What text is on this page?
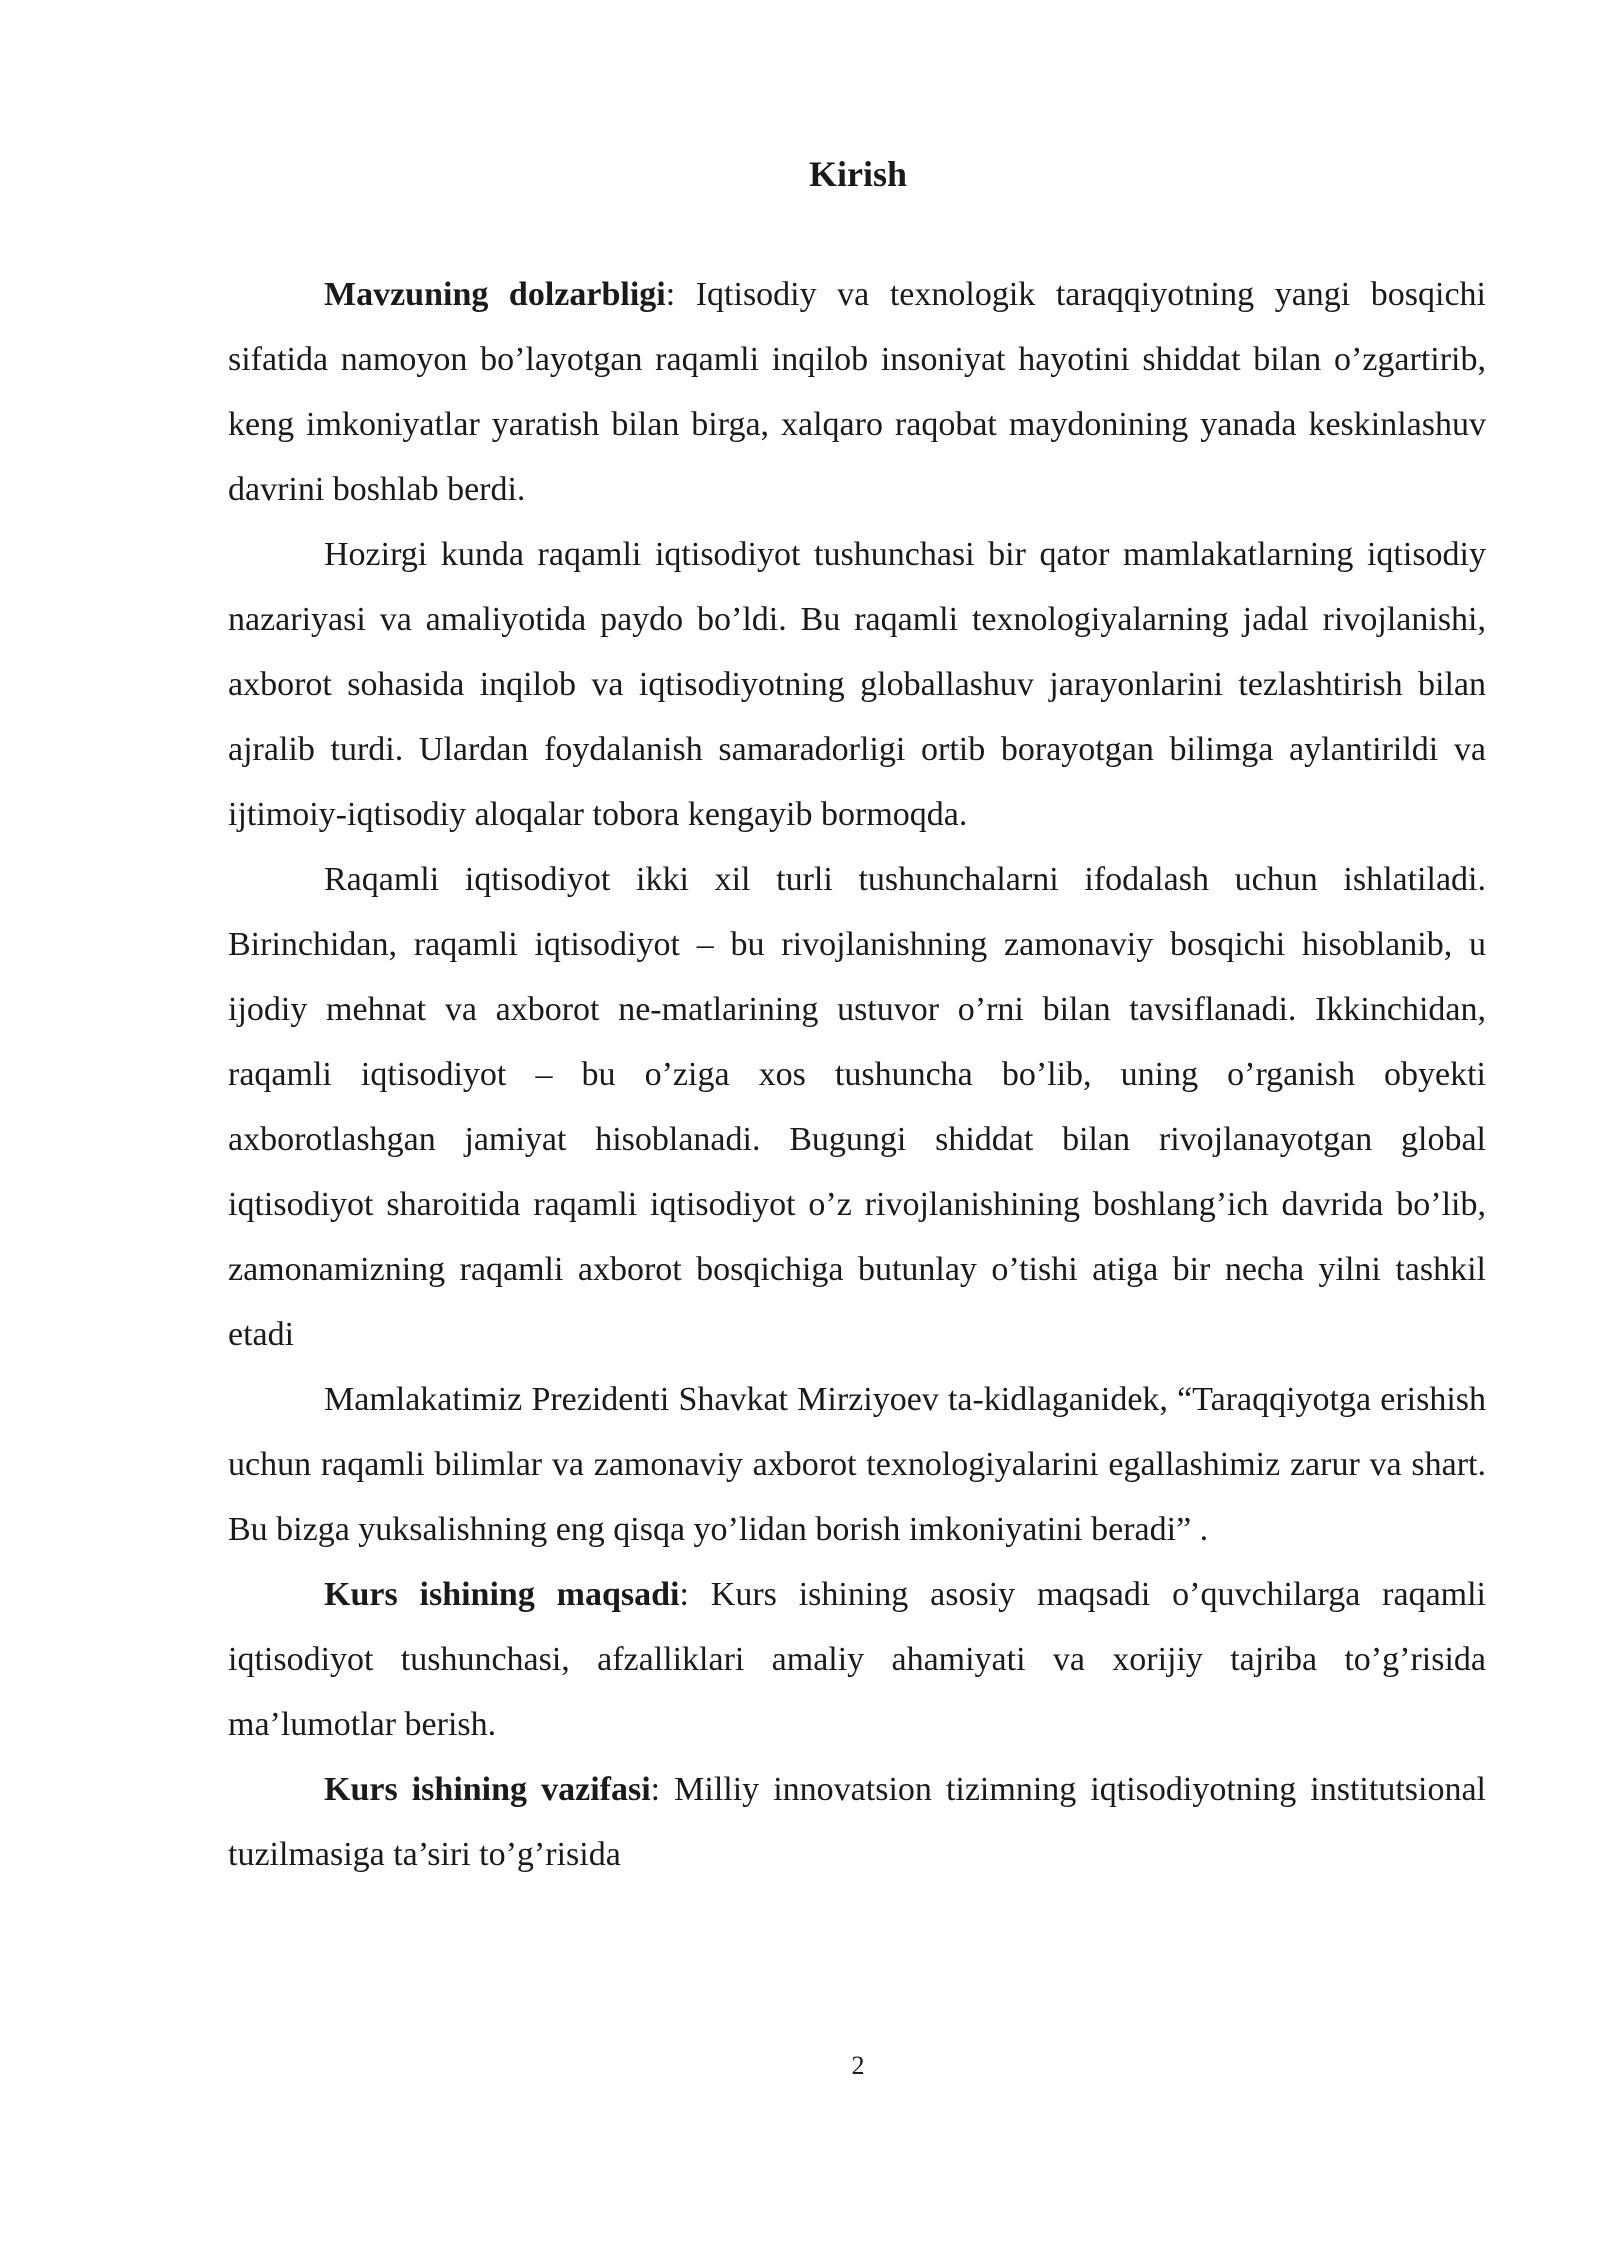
Kirish

Mavzuning dolzarbligi: Iqtisodiy va texnologik taraqqiyotning yangi bosqichi sifatida namoyon bo’layotgan raqamli inqilob insoniyat hayotini shiddat bilan o’zgartirib, keng imkoniyatlar yaratish bilan birga, xalqaro raqobat maydonining yanada keskinlashuv davrini boshlab berdi.

Hozirgi kunda raqamli iqtisodiyot tushunchasi bir qator mamlakatlarning iqtisodiy nazariyasi va amaliyotida paydo bo’ldi. Bu raqamli texnologiyalarning jadal rivojlanishi, axborot sohasida inqilob va iqtisodiyotning globallashuv jarayonlarini tezlashtirish bilan ajralib turdi. Ulardan foydalanish samaradorligi ortib borayotgan bilimga aylantirildi va ijtimoiy-iqtisodiy aloqalar tobora kengayib bormoqda.

Raqamli iqtisodiyot ikki xil turli tushunchalarni ifodalash uchun ishlatiladi. Birinchidan, raqamli iqtisodiyot – bu rivojlanishning zamonaviy bosqichi hisoblanib, u ijodiy mehnat va axborot ne-matlarining ustuvor o’rni bilan tavsiflanadi. Ikkinchidan, raqamli iqtisodiyot – bu o’ziga xos tushuncha bo’lib, uning o’rganish obyekti axborotlashgan jamiyat hisoblanadi. Bugungi shiddat bilan rivojlanayotgan global iqtisodiyot sharoitida raqamli iqtisodiyot o’z rivojlanishining boshlang’ich davrida bo’lib, zamonamizning raqamli axborot bosqichiga butunlay o’tishi atiga bir necha yilni tashkil etadi

Mamlakatimiz Prezidenti Shavkat Mirziyoev ta-kidlaganidek, “Taraqqiyotga erishish uchun raqamli bilimlar va zamonaviy axborot texnologiyalarini egallashimiz zarur va shart. Bu bizga yuksalishning eng qisqa yo’lidan borish imkoniyatini beradi” .

Kurs ishining maqsadi: Kurs ishining asosiy maqsadi o’quvchilarga raqamli iqtisodiyot tushunchasi, afzalliklari amaliy ahamiyati va xorijiy tajriba to’g’risida ma’lumotlar berish.

Kurs ishining vazifasi: Milliy innovatsion tizimning iqtisodiyotning institutsional tuzilmasiga ta’siri to’g’risida

2
